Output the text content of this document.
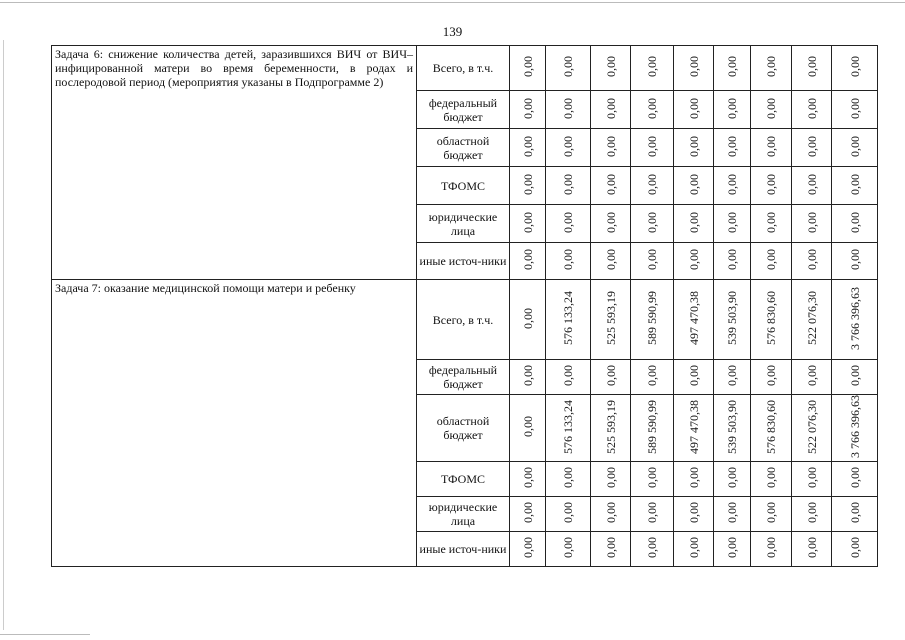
139
Задача 6: снижение количества детей, заразившихся ВИЧ от ВИЧ–инфицированной матери во время беременности, в родах и послеродовой период (мероприятия указаны в Подпрограмме 2)	Всего, в т.ч.	0,00	0,00	0,00	0,00	0,00	0,00	0,00	0,00	0,00
	федеральный бюджет	0,00	0,00	0,00	0,00	0,00	0,00	0,00	0,00	0,00
	областной бюджет	0,00	0,00	0,00	0,00	0,00	0,00	0,00	0,00	0,00
	ТФОМС	0,00	0,00	0,00	0,00	0,00	0,00	0,00	0,00	0,00
	юридические лица	0,00	0,00	0,00	0,00	0,00	0,00	0,00	0,00	0,00
	иные источ-ники	0,00	0,00	0,00	0,00	0,00	0,00	0,00	0,00	0,00
Задача 7: оказание медицинской помощи матери и ребенку	Всего, в т.ч.	0,00	576 133,24	525 593,19	589 590,99	497 470,38	539 503,90	576 830,60	522 076,30	3 766 396,63
	федеральный бюджет	0,00	0,00	0,00	0,00	0,00	0,00	0,00	0,00	0,00
	областной бюджет	0,00	576 133,24	525 593,19	589 590,99	497 470,38	539 503,90	576 830,60	522 076,30	3 766 396,63
	ТФОМС	0,00	0,00	0,00	0,00	0,00	0,00	0,00	0,00	0,00
	юридические лица	0,00	0,00	0,00	0,00	0,00	0,00	0,00	0,00	0,00
	иные источ-ники	0,00	0,00	0,00	0,00	0,00	0,00	0,00	0,00	0,00
